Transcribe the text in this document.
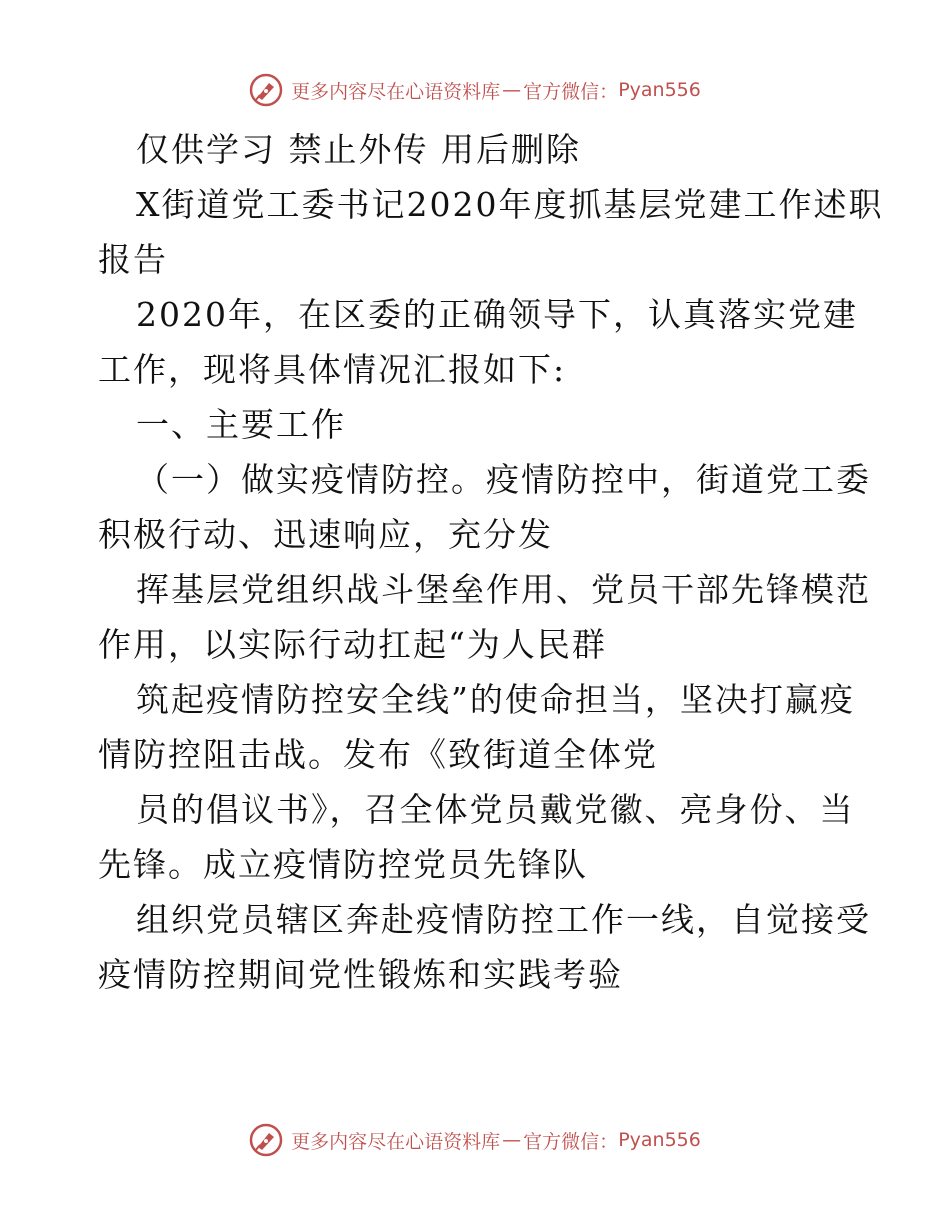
更多内容尽在心语资料库 — 官方微信： Pyan556
仅供学习 禁止外传 用后删除
X街道党工委书记2020年度抓基层党建工作述职
报告
2020年，在区委的正确领导下，认真落实党建
工作，现将具体情况汇报如下:
一、主要工作
（一）做实疫情防控。疫情防控中，街道党工委
积极行动、迅速响应，充分发
挥基层党组织战斗堡垒作用、党员干部先锋模范
作用，以实际行动扛起“为人民群
筑起疫情防控安全线”的使命担当，坚决打赢疫
情防控阻击战。发布《致街道全体党
员的倡议书》，召全体党员戴党徽、亮身份、当
先锋。成立疫情防控党员先锋队
组织党员辖区奔赴疫情防控工作一线，自觉接受
疫情防控期间党性锻炼和实践考验
更多内容尽在心语资料库 — 官方微信： Pyan556
